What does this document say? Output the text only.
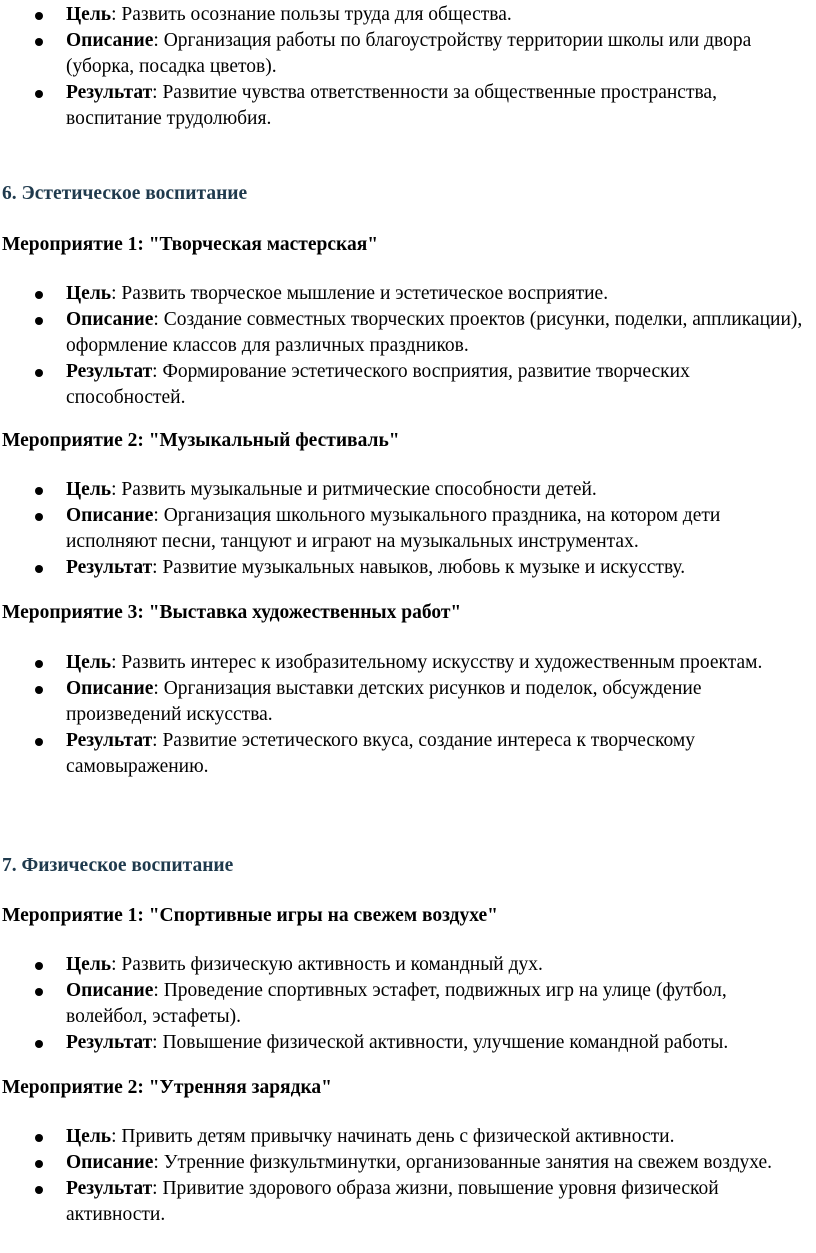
Цель: Развить осознание пользы труда для общества.
Описание: Организация работы по благоустройству территории школы или двора (уборка, посадка цветов).
Результат: Развитие чувства ответственности за общественные пространства, воспитание трудолюбия.
6. Эстетическое воспитание
Мероприятие 1: "Творческая мастерская"
Цель: Развить творческое мышление и эстетическое восприятие.
Описание: Создание совместных творческих проектов (рисунки, поделки, аппликации), оформление классов для различных праздников.
Результат: Формирование эстетического восприятия, развитие творческих способностей.
Мероприятие 2: "Музыкальный фестиваль"
Цель: Развить музыкальные и ритмические способности детей.
Описание: Организация школьного музыкального праздника, на котором дети исполняют песни, танцуют и играют на музыкальных инструментах.
Результат: Развитие музыкальных навыков, любовь к музыке и искусству.
Мероприятие 3: "Выставка художественных работ"
Цель: Развить интерес к изобразительному искусству и художественным проектам.
Описание: Организация выставки детских рисунков и поделок, обсуждение произведений искусства.
Результат: Развитие эстетического вкуса, создание интереса к творческому самовыражению.
7. Физическое воспитание
Мероприятие 1: "Спортивные игры на свежем воздухе"
Цель: Развить физическую активность и командный дух.
Описание: Проведение спортивных эстафет, подвижных игр на улице (футбол, волейбол, эстафеты).
Результат: Повышение физической активности, улучшение командной работы.
Мероприятие 2: "Утренняя зарядка"
Цель: Привить детям привычку начинать день с физической активности.
Описание: Утренние физкультминутки, организованные занятия на свежем воздухе.
Результат: Привитие здорового образа жизни, повышение уровня физической активности.
